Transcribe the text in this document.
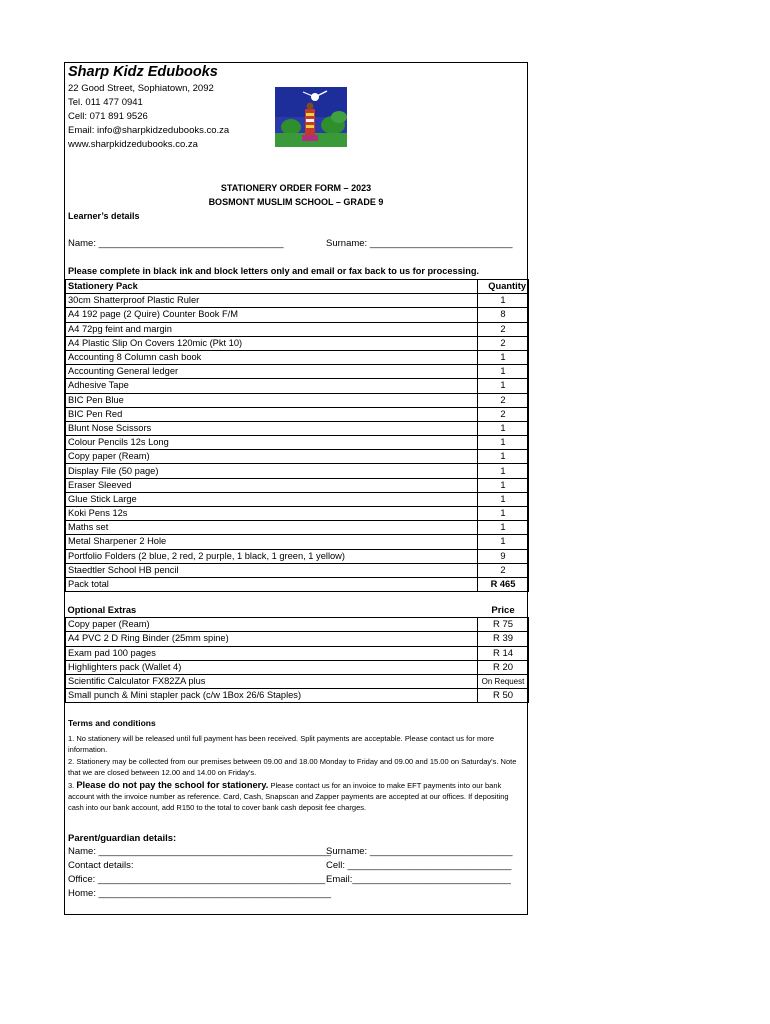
Sharp Kidz Edubooks
22 Good Street, Sophiatown, 2092
Tel. 011 477 0941
Cell: 071 891 9526
Email: info@sharpkidzedubooks.co.za
www.sharpkidzedubooks.co.za
STATIONERY ORDER FORM – 2023
BOSMONT MUSLIM SCHOOL – GRADE 9
Learner’s details
Name: ___________________________________	Surname: ___________________________
Please complete in black ink and block letters only and email or fax back to us for processing.
Stationery Pack	Quantity
30cm Shatterproof Plastic Ruler	1
A4 192 page (2 Quire) Counter Book F/M	8
A4 72pg feint and margin	2
A4 Plastic Slip On Covers 120mic (Pkt 10)	2
Accounting 8 Column cash book	1
Accounting General ledger	1
Adhesive Tape	1
BIC Pen Blue	2
BIC Pen Red	2
Blunt Nose Scissors	1
Colour Pencils 12s Long	1
Copy paper (Ream)	1
Display File (50 page)	1
Eraser Sleeved	1
Glue Stick Large	1
Koki Pens 12s	1
Maths set	1
Metal Sharpener 2 Hole	1
Portfolio Folders (2 blue, 2 red, 2 purple, 1 black, 1 green, 1 yellow)	9
Staedtler School HB pencil	2
Pack total	R 465
Optional Extras	Price
Copy paper (Ream)	R 75
A4 PVC 2 D Ring Binder (25mm spine)	R 39
Exam pad 100 pages	R 14
Highlighters pack (Wallet 4)	R 20
Scientific Calculator FX82ZA plus	On Request
Small punch & Mini stapler pack (c/w 1Box 26/6 Staples)	R 50
Terms and conditions
1. No stationery will be released until full payment has been received. Split payments are acceptable. Please contact us for more information.
2. Stationery may be collected from our premises between 09.00 and 18.00 Monday to Friday and 09.00 and 15.00 on Saturday's. Note that we are closed between 12.00 and 14.00 on Friday's.
3. Please do not pay the school for stationery. Please contact us for an invoice to make EFT payments into our bank account with the invoice number as reference. Card, Cash, Snapscan and Zapper payments are accepted at our offices. If depositing cash into our bank account, add R150 to the total to cover bank cash deposit fee charges.
Parent/guardian details:
Name: ____________________________________________
Surname: ___________________________
Contact details:	Cell: _______________________________
Office: ___________________________________________ Email:______________________________
Home: ____________________________________________
